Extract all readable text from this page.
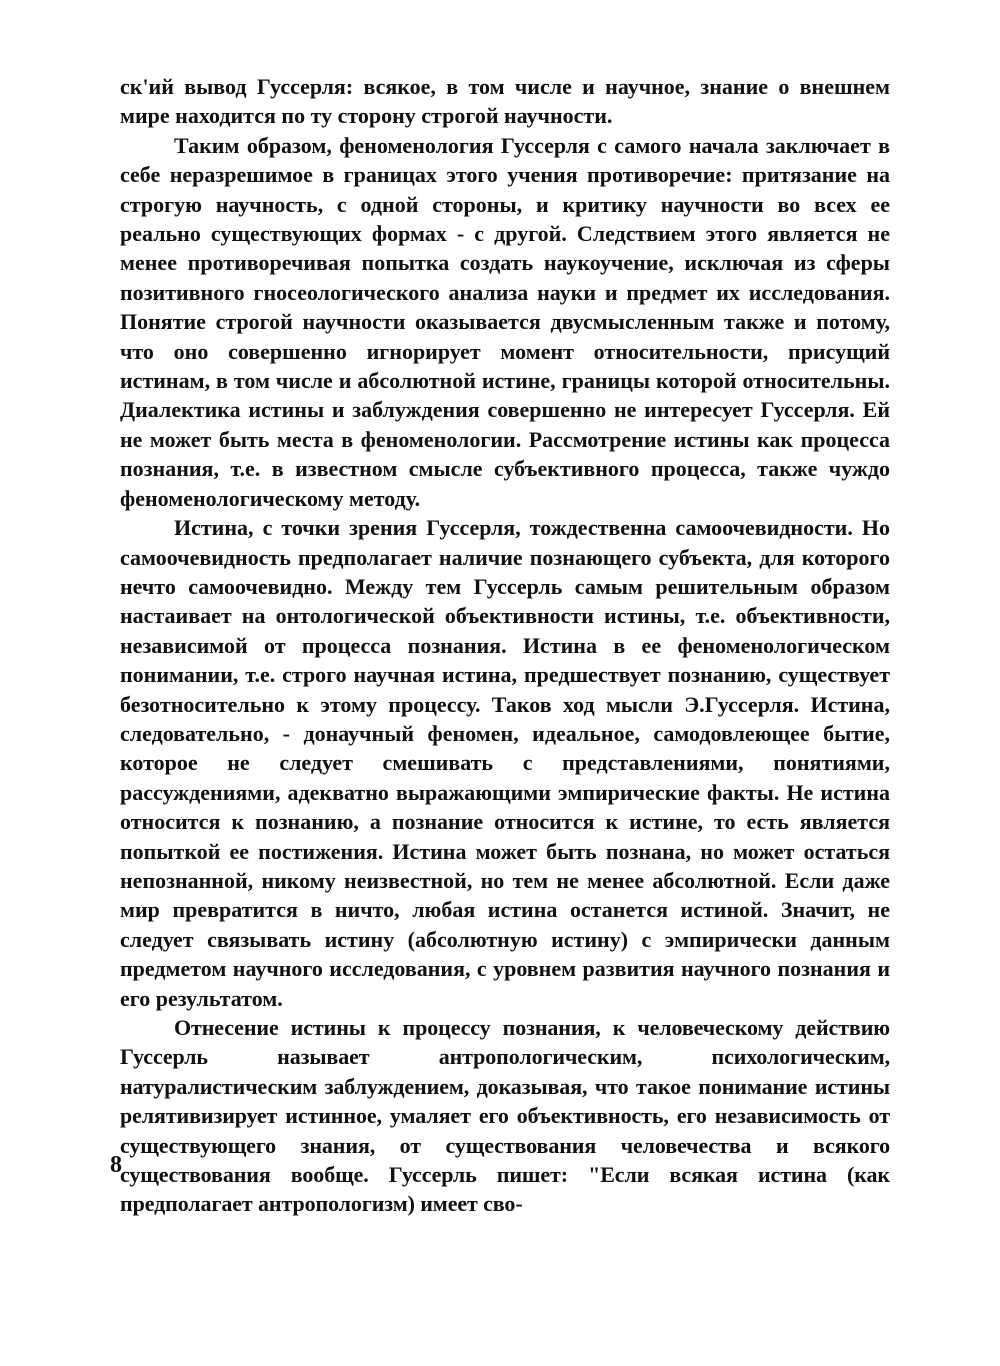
ск'ий вывод Гуссерля: всякое, в том числе и научное, знание о внешнем мире находится по ту сторону строгой научности.

Таким образом, феноменология Гуссерля с самого начала заключает в себе неразрешимое в границах этого учения противоречие: притязание на строгую научность, с одной стороны, и критику научности во всех ее реально существующих формах - с другой. Следствием этого является не менее противоречивая попытка создать наукоучение, исключая из сферы позитивного гносеологического анализа науки и предмет их исследования. Понятие строгой научности оказывается двусмысленным также и потому, что оно совершенно игнорирует момент относительности, присущий истинам, в том числе и абсолютной истине, границы которой относительны. Диалектика истины и заблуждения совершенно не интересует Гуссерля. Ей не может быть места в феноменологии. Рассмотрение истины как процесса познания, т.е. в известном смысле субъективного процесса, также чуждо феноменологическому методу.

Истина, с точки зрения Гуссерля, тождественна самоочевидности. Но самоочевидность предполагает наличие познающего субъекта, для которого нечто самоочевидно. Между тем Гуссерль самым решительным образом настаивает на онтологической объективности истины, т.е. объективности, независимой от процесса познания. Истина в ее феноменологическом понимании, т.е. строго научная истина, предшествует познанию, существует безотносительно к этому процессу. Таков ход мысли Э.Гуссерля. Истина, следовательно, - донаучный феномен, идеальное, самодовлеющее бытие, которое не следует смешивать с представлениями, понятиями, рассуждениями, адекватно выражающими эмпирические факты. Не истина относится к познанию, а познание относится к истине, то есть является попыткой ее постижения. Истина может быть познана, но может остаться непознанной, никому неизвестной, но тем не менее абсолютной. Если даже мир превратится в ничто, любая истина останется истиной. Значит, не следует связывать истину (абсолютную истину) с эмпирически данным предметом научного исследования, с уровнем развития научного познания и его результатом.

Отнесение истины к процессу познания, к человеческому действию Гуссерль называет антропологическим, психологическим, натуралистическим заблуждением, доказывая, что такое понимание истины релятивизирует истинное, умаляет его объективность, его независимость от существующего знания, от существования человечества и всякого существования вообще. Гуссерль пишет: "Если всякая истина (как предполагает антропологизм) имеет сво-

8
